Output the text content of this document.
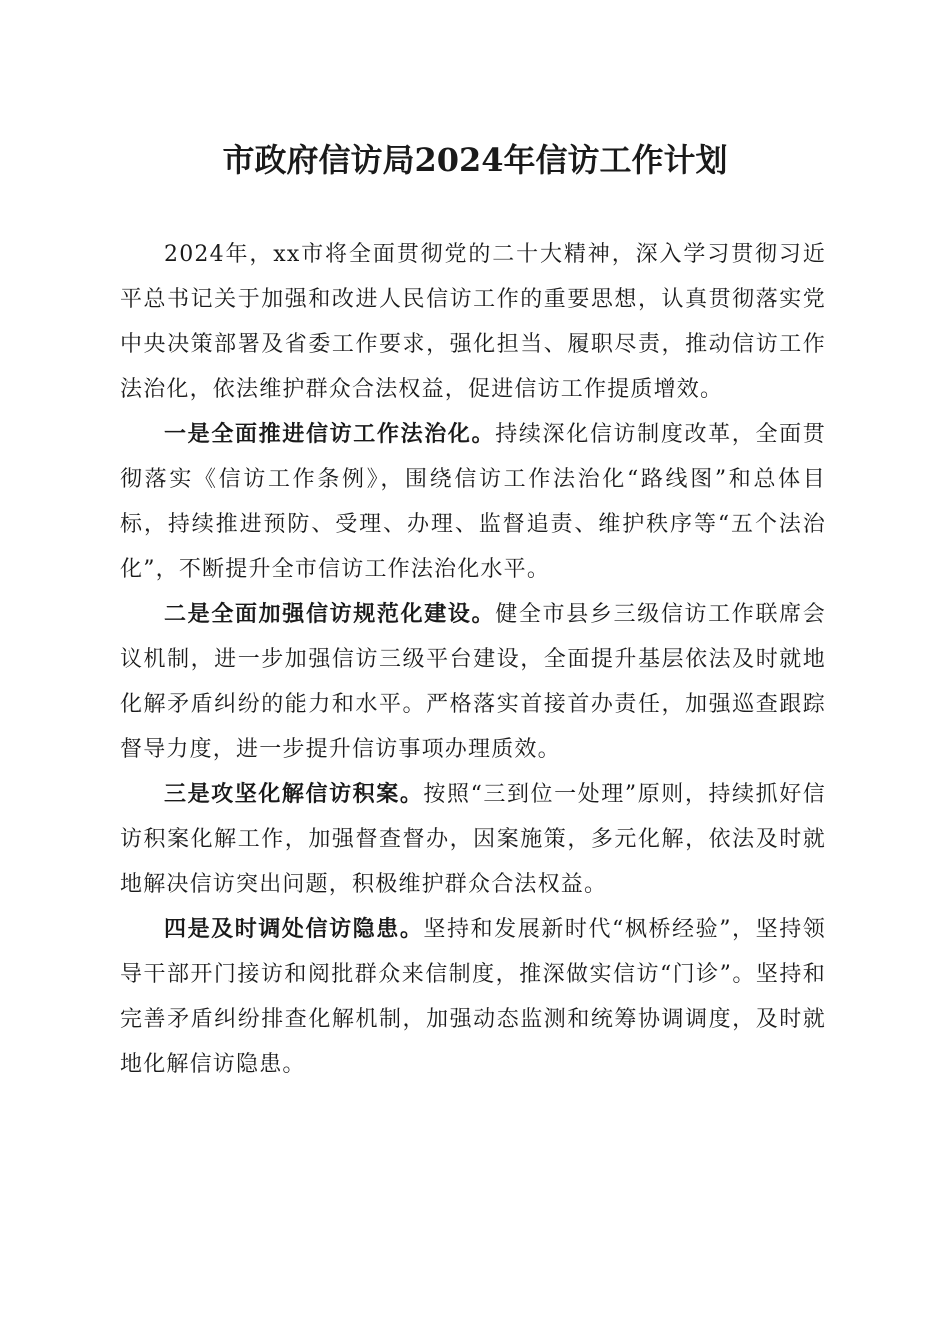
市政府信访局2024年信访工作计划

2024年，xx市将全面贯彻党的二十大精神，深入学习贯彻习近平总书记关于加强和改进人民信访工作的重要思想，认真贯彻落实党中央决策部署及省委工作要求，强化担当、履职尽责，推动信访工作法治化，依法维护群众合法权益，促进信访工作提质增效。

一是全面推进信访工作法治化。持续深化信访制度改革，全面贯彻落实《信访工作条例》，围绕信访工作法治化“路线图”和总体目标，持续推进预防、受理、办理、监督追责、维护秩序等“五个法治化”，不断提升全市信访工作法治化水平。

二是全面加强信访规范化建设。健全市县乡三级信访工作联席会议机制，进一步加强信访三级平台建设，全面提升基层依法及时就地化解矛盾纠纷的能力和水平。严格落实首接首办责任，加强巡查跟踪督导力度，进一步提升信访事项办理质效。

三是攻坚化解信访积案。按照“三到位一处理”原则，持续抓好信访积案化解工作，加强督查督办，因案施策，多元化解，依法及时就地解决信访突出问题，积极维护群众合法权益。

四是及时调处信访隐患。坚持和发展新时代“枫桥经验”，坚持领导干部开门接访和阅批群众来信制度，推深做实信访“门诊”。坚持和完善矛盾纠纷排查化解机制，加强动态监测和统筹协调调度，及时就地化解信访隐患。
